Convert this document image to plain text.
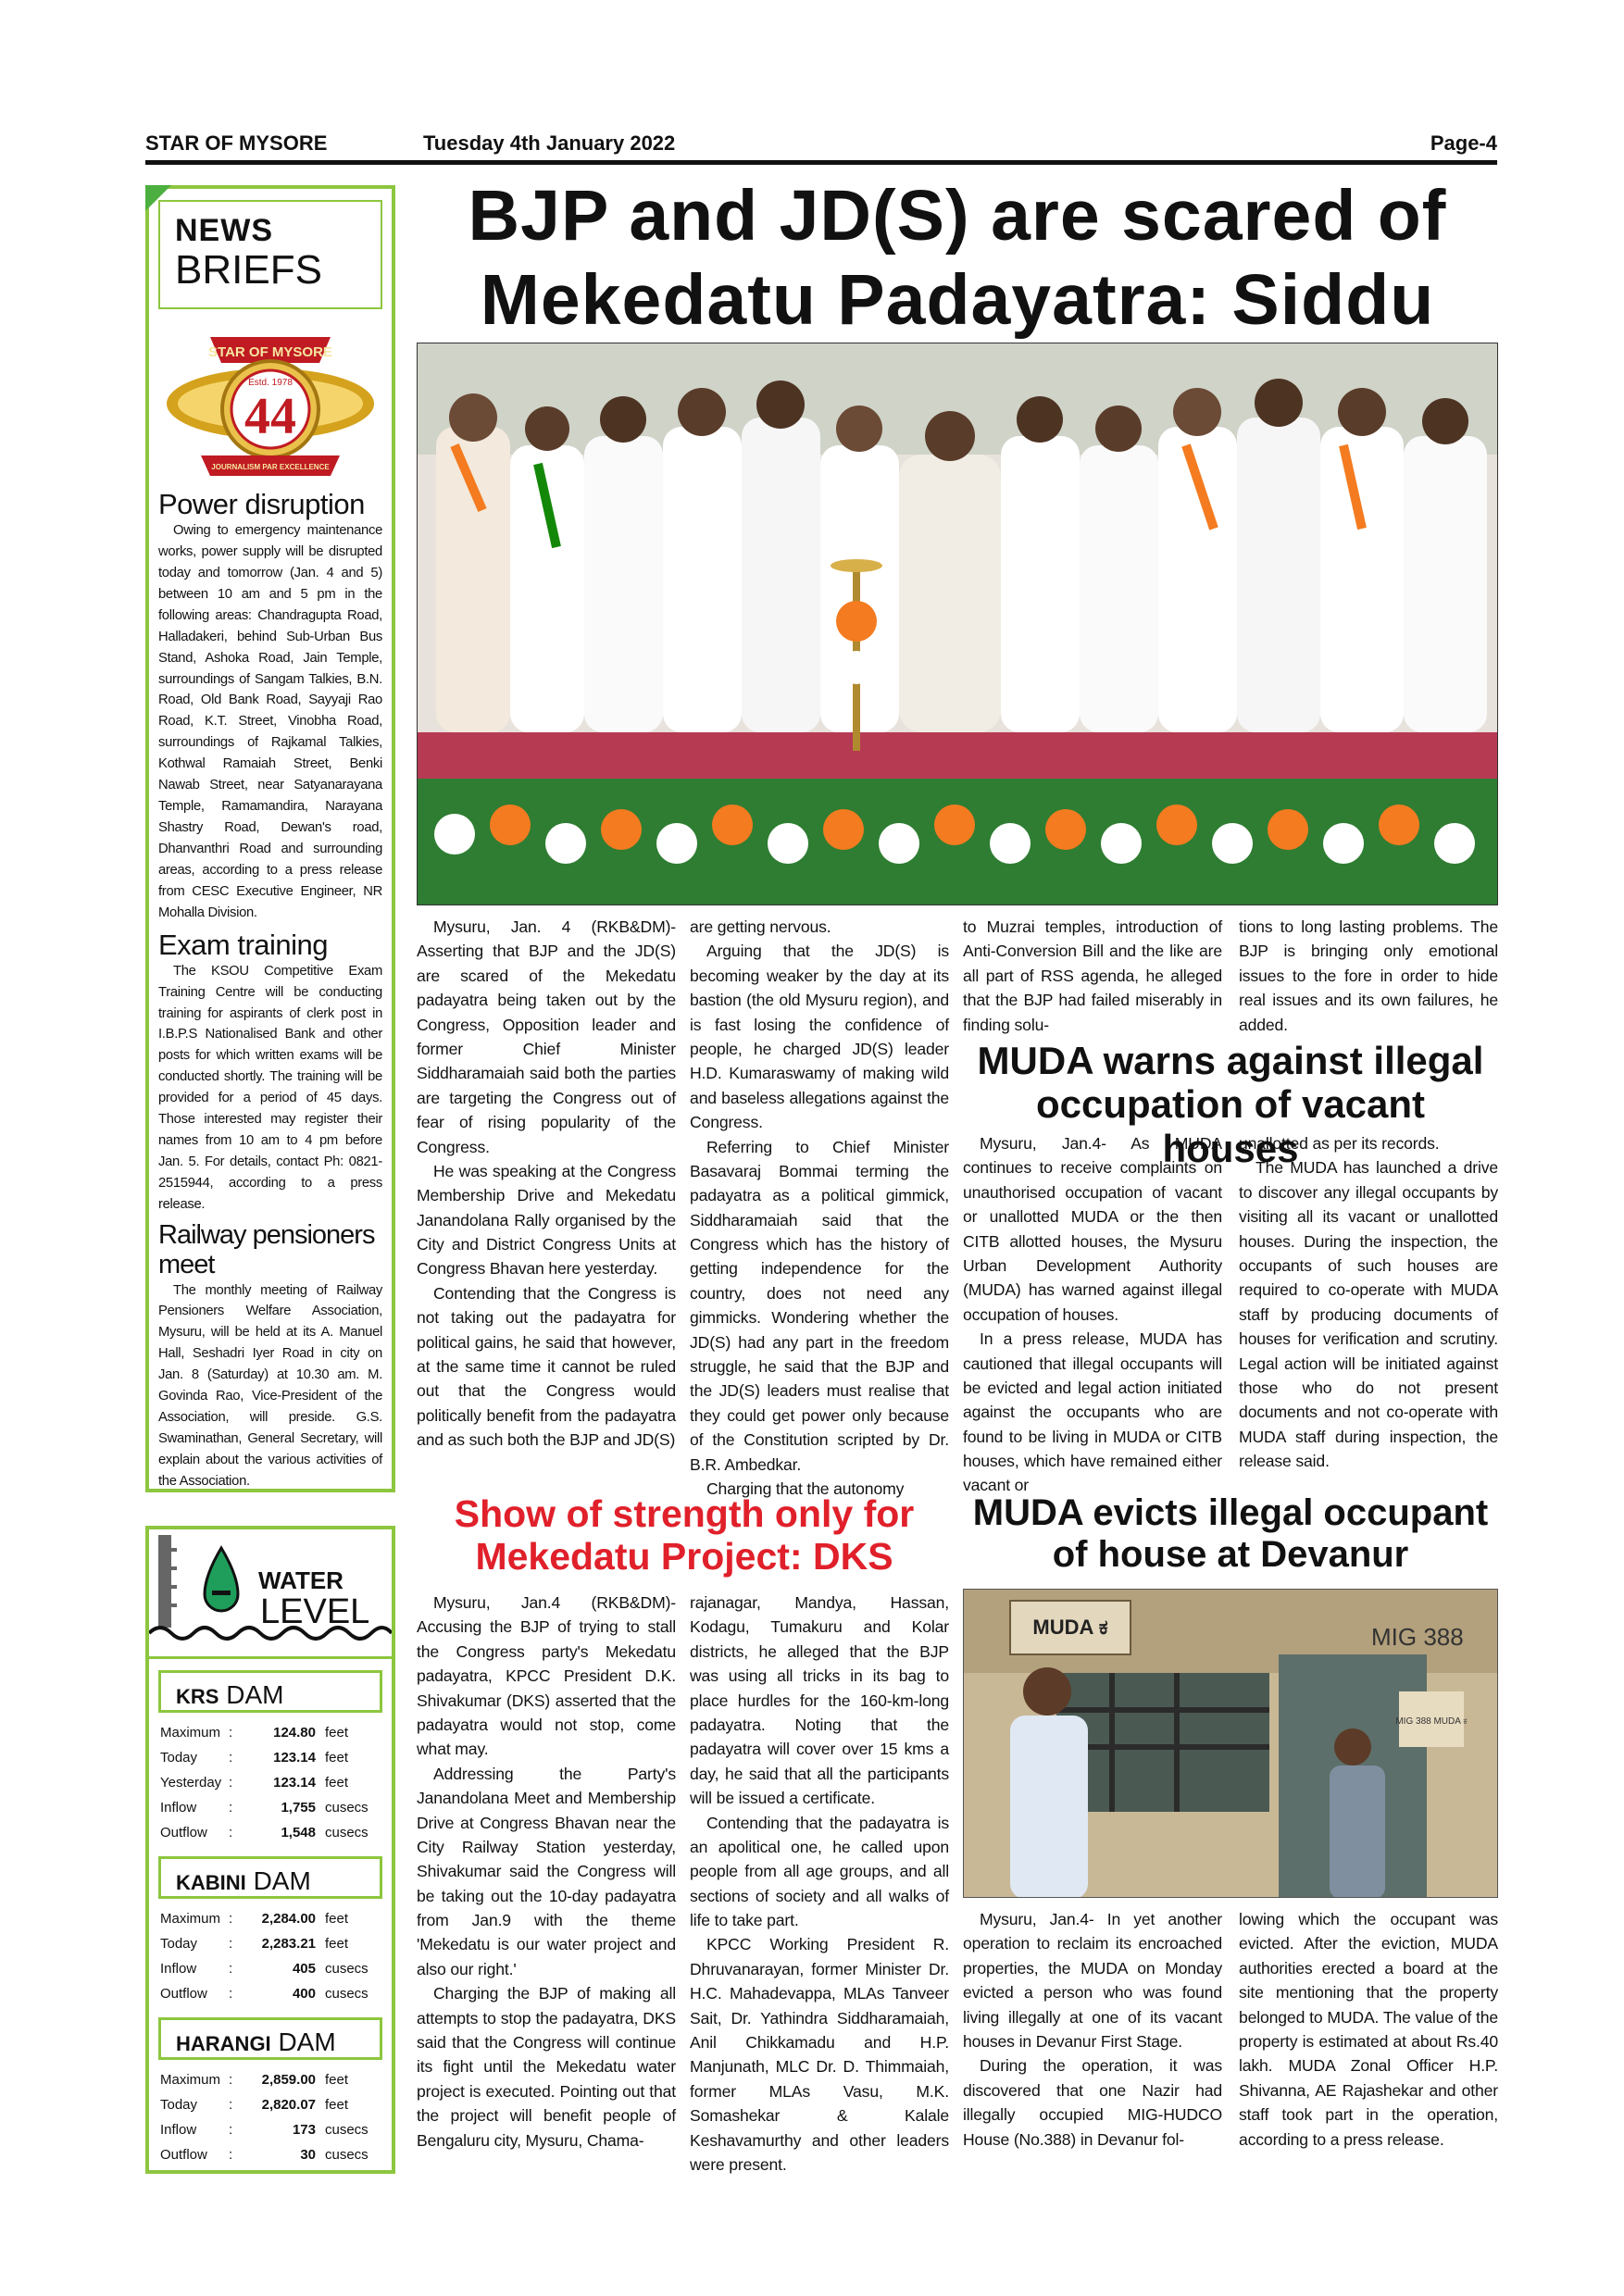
STAR OF MYSORE	Tuesday 4th January 2022	Page-4
NEWS
BRIEFS
STAR OF MYSORE
Estd. 1978
44
JOURNALISM PAR EXCELLENCE
Power disruption

Owing to emergency maintenance works, power supply will be disrupted today and tomorrow (Jan. 4 and 5) between 10 am and 5 pm in the following areas: Chandragupta Road, Halladakeri, behind Sub-Urban Bus Stand, Ashoka Road, Jain Temple, surroundings of Sangam Talkies, B.N. Road, Old Bank Road, Sayyaji Rao Road, K.T. Street, Vinobha Road, surroundings of Rajkamal Talkies, Kothwal Ramaiah Street, Benki Nawab Street, near Satyanarayana Temple, Ramamandira, Narayana Shastry Road, Dewan's road, Dhanvanthri Road and surrounding areas, according to a press release from CESC Executive Engineer, NR Mohalla Division.

Exam training

The KSOU Competitive Exam Training Centre will be conducting training for aspirants of clerk post in I.B.P.S Nationalised Bank and other posts for which written exams will be conducted shortly. The training will be provided for a period of 45 days. Those interested may register their names from 10 am to 4 pm before Jan. 5. For details, contact Ph: 0821-2515944, according to a press release.

Railway pensioners meet

The monthly meeting of Railway Pensioners Welfare Association, Mysuru, will be held at its A. Manuel Hall, Seshadri Iyer Road in city on Jan. 8 (Saturday) at 10.30 am. M. Govinda Rao, Vice-President of the Association, will preside. G.S. Swaminathan, General Secretary, will explain about the various activities of the Association.

WATER
LEVEL
KRS DAM
Maximum	:	124.80	feet
Today	:	123.14	feet
Yesterday	:	123.14	feet
Inflow	:	1,755	cusecs
Outflow	:	1,548	cusecs
KABINI DAM
Maximum	:	2,284.00	feet
Today	:	2,283.21	feet
Inflow	:	405	cusecs
Outflow	:	400	cusecs
HARANGI DAM
Maximum	:	2,859.00	feet
Today	:	2,820.07	feet
Inflow	:	173	cusecs
Outflow	:	30	cusecs
BJP and JD(S) are scared of Mekedatu Padayatra: Siddu

Mysuru, Jan. 4 (RKB&DM)- Asserting that BJP and the JD(S) are scared of the Mekedatu padayatra being taken out by the Congress, Opposition leader and former Chief Minister Siddharamaiah said both the parties are targeting the Congress out of fear of rising popularity of the Congress.

He was speaking at the Congress Membership Drive and Mekedatu Janandolana Rally organised by the City and District Congress Units at Congress Bhavan here yesterday.

Contending that the Congress is not taking out the padayatra for political gains, he said that however, at the same time it cannot be ruled out that the Congress would politically benefit from the padayatra and as such both the BJP and JD(S)

are getting nervous.

Arguing that the JD(S) is becoming weaker by the day at its bastion (the old Mysuru region), and is fast losing the confidence of people, he charged JD(S) leader H.D. Kumaraswamy of making wild and baseless allegations against the Congress.

Referring to Chief Minister Basavaraj Bommai terming the padayatra as a political gimmick, Siddharamaiah said that the Congress which has the history of getting independence for the country, does not need any gimmicks. Wondering whether the JD(S) had any part in the freedom struggle, he said that the BJP and the JD(S) leaders must realise that they could get power only because of the Constitution scripted by Dr. B.R. Ambedkar.

Charging that the autonomy

to Muzrai temples, introduction of Anti-Conversion Bill and the like are all part of RSS agenda, he alleged that the BJP had failed miserably in finding solu-

tions to long lasting problems. The BJP is bringing only emotional issues to the fore in order to hide real issues and its own failures, he added.

MUDA warns against illegal occupation of vacant houses

Mysuru, Jan.4- As MUDA continues to receive complaints on unauthorised occupation of vacant or unallotted MUDA or the then CITB allotted houses, the Mysuru Urban Development Authority (MUDA) has warned against illegal occupation of houses.

In a press release, MUDA has cautioned that illegal occupants will be evicted and legal action initiated against the occupants who are found to be living in MUDA or CITB houses, which have remained either vacant or

unallotted as per its records.

The MUDA has launched a drive to discover any illegal occupants by visiting all its vacant or unallotted houses. During the inspection, the occupants of such houses are required to co-operate with MUDA staff by producing documents of houses for verification and scrutiny. Legal action will be initiated against those who do not present documents and not co-operate with MUDA staff during inspection, the release said.

Show of strength only for Mekedatu Project: DKS

Mysuru, Jan.4 (RKB&DM)- Accusing the BJP of trying to stall the Congress party's Mekedatu padayatra, KPCC President D.K. Shivakumar (DKS) asserted that the padayatra would not stop, come what may.

Addressing the Party's Janandolana Meet and Membership Drive at Congress Bhavan near the City Railway Station yesterday, Shivakumar said the Congress will be taking out the 10-day padayatra from Jan.9 with the theme 'Mekedatu is our water project and also our right.'

Charging the BJP of making all attempts to stop the padayatra, DKS said that the Congress will continue its fight until the Mekedatu water project is executed. Pointing out that the project will benefit people of Bengaluru city, Mysuru, Chama-

rajanagar, Mandya, Hassan, Kodagu, Tumakuru and Kolar districts, he alleged that the BJP was using all tricks in its bag to place hurdles for the 160-km-long padayatra. Noting that the padayatra will cover over 15 kms a day, he said that all the participants will be issued a certificate.

Contending that the padayatra is an apolitical one, he called upon people from all age groups, and all sections of society and all walks of life to take part.

KPCC Working President R. Dhruvanarayan, former Minister Dr. H.C. Mahadevappa, MLAs Tanveer Sait, Dr. Yathindra Siddharamaiah, Anil Chikkamadu and H.P. Manjunath, MLC Dr. D. Thimmaiah, former MLAs Vasu, M.K. Somashekar & Kalale Keshavamurthy and other leaders were present.

MUDA evicts illegal occupant of house at Devanur
MUDA ಕ	MIG 388
MIG 388 MUDA ಕ

Mysuru, Jan.4- In yet another operation to reclaim its encroached properties, the MUDA on Monday evicted a person who was found living illegally at one of its vacant houses in Devanur First Stage.

During the operation, it was discovered that one Nazir had illegally occupied MIG-HUDCO House (No.388) in Devanur fol-

lowing which the occupant was evicted. After the eviction, MUDA authorities erected a board at the site mentioning that the property belonged to MUDA. The value of the property is estimated at about Rs.40 lakh. MUDA Zonal Officer H.P. Shivanna, AE Rajashekar and other staff took part in the operation, according to a press release.
